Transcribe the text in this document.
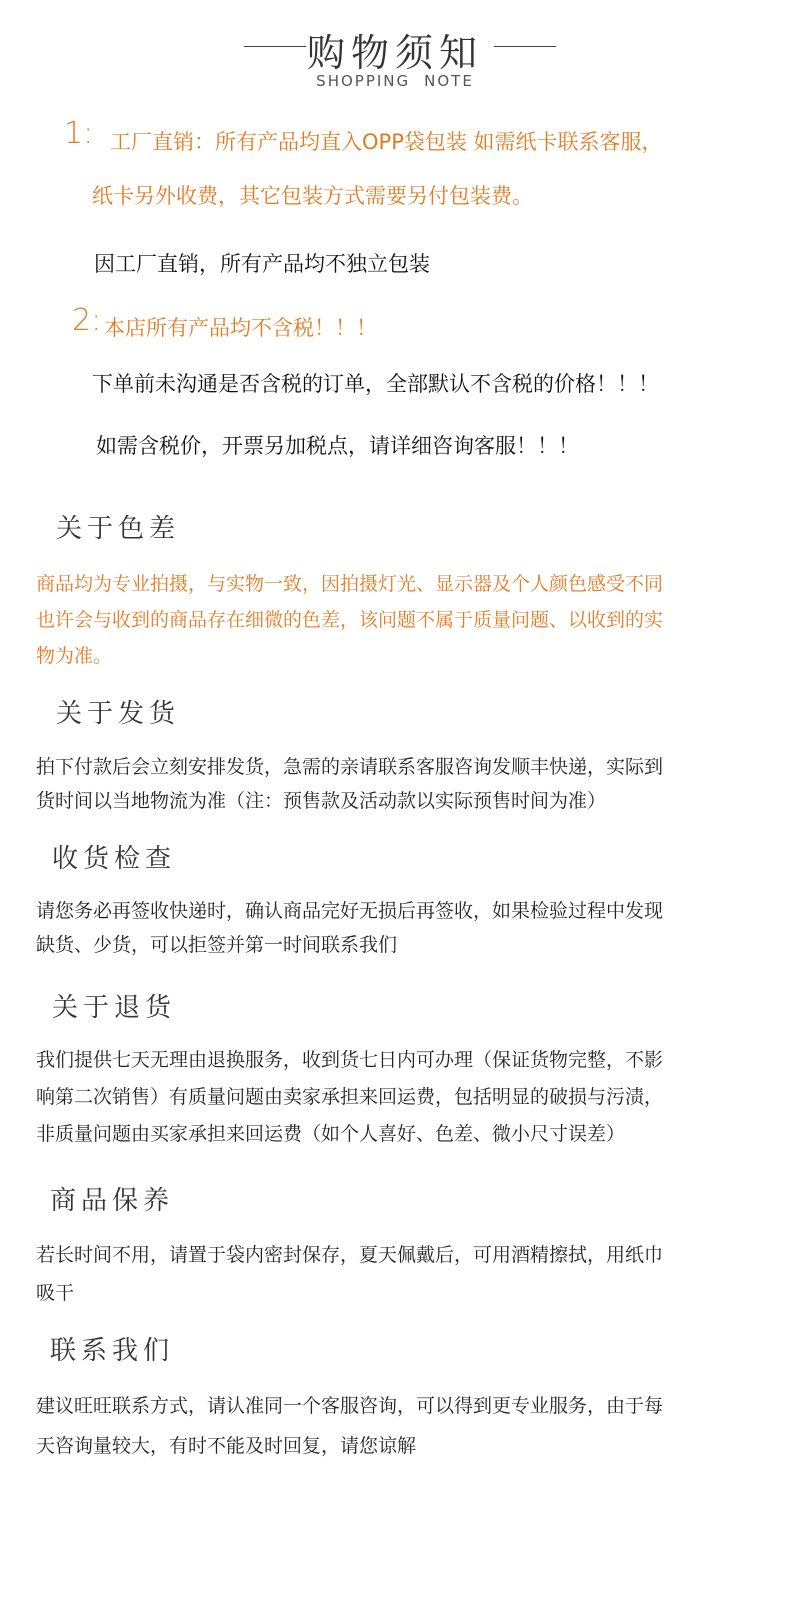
购物须知
SHOPPING NOTE
1: 工厂直销：所有产品均直入OPP袋包装 如需纸卡联系客服，
纸卡另外收费，其它包装方式需要另付包装费。
因工厂直销，所有产品均不独立包装
2: 本店所有产品均不含税！！！
下单前未沟通是否含税的订单，全部默认不含税的价格！！！
如需含税价，开票另加税点，请详细咨询客服！！！
关于色差
商品均为专业拍摄，与实物一致，因拍摄灯光、显示器及个人颜色感受不同
也许会与收到的商品存在细微的色差，该问题不属于质量问题、以收到的实
物为准。
关于发货
拍下付款后会立刻安排发货，急需的亲请联系客服咨询发顺丰快递，实际到
货时间以当地物流为准（注：预售款及活动款以实际预售时间为准）
收货检查
请您务必再签收快递时，确认商品完好无损后再签收，如果检验过程中发现
缺货、少货，可以拒签并第一时间联系我们
关于退货
我们提供七天无理由退换服务，收到货七日内可办理（保证货物完整，不影
响第二次销售）有质量问题由卖家承担来回运费，包括明显的破损与污渍，
非质量问题由买家承担来回运费（如个人喜好、色差、微小尺寸误差）
商品保养
若长时间不用，请置于袋内密封保存，夏天佩戴后，可用酒精擦拭，用纸巾
吸干
联系我们
建议旺旺联系方式，请认准同一个客服咨询，可以得到更专业服务，由于每
天咨询量较大，有时不能及时回复，请您谅解
